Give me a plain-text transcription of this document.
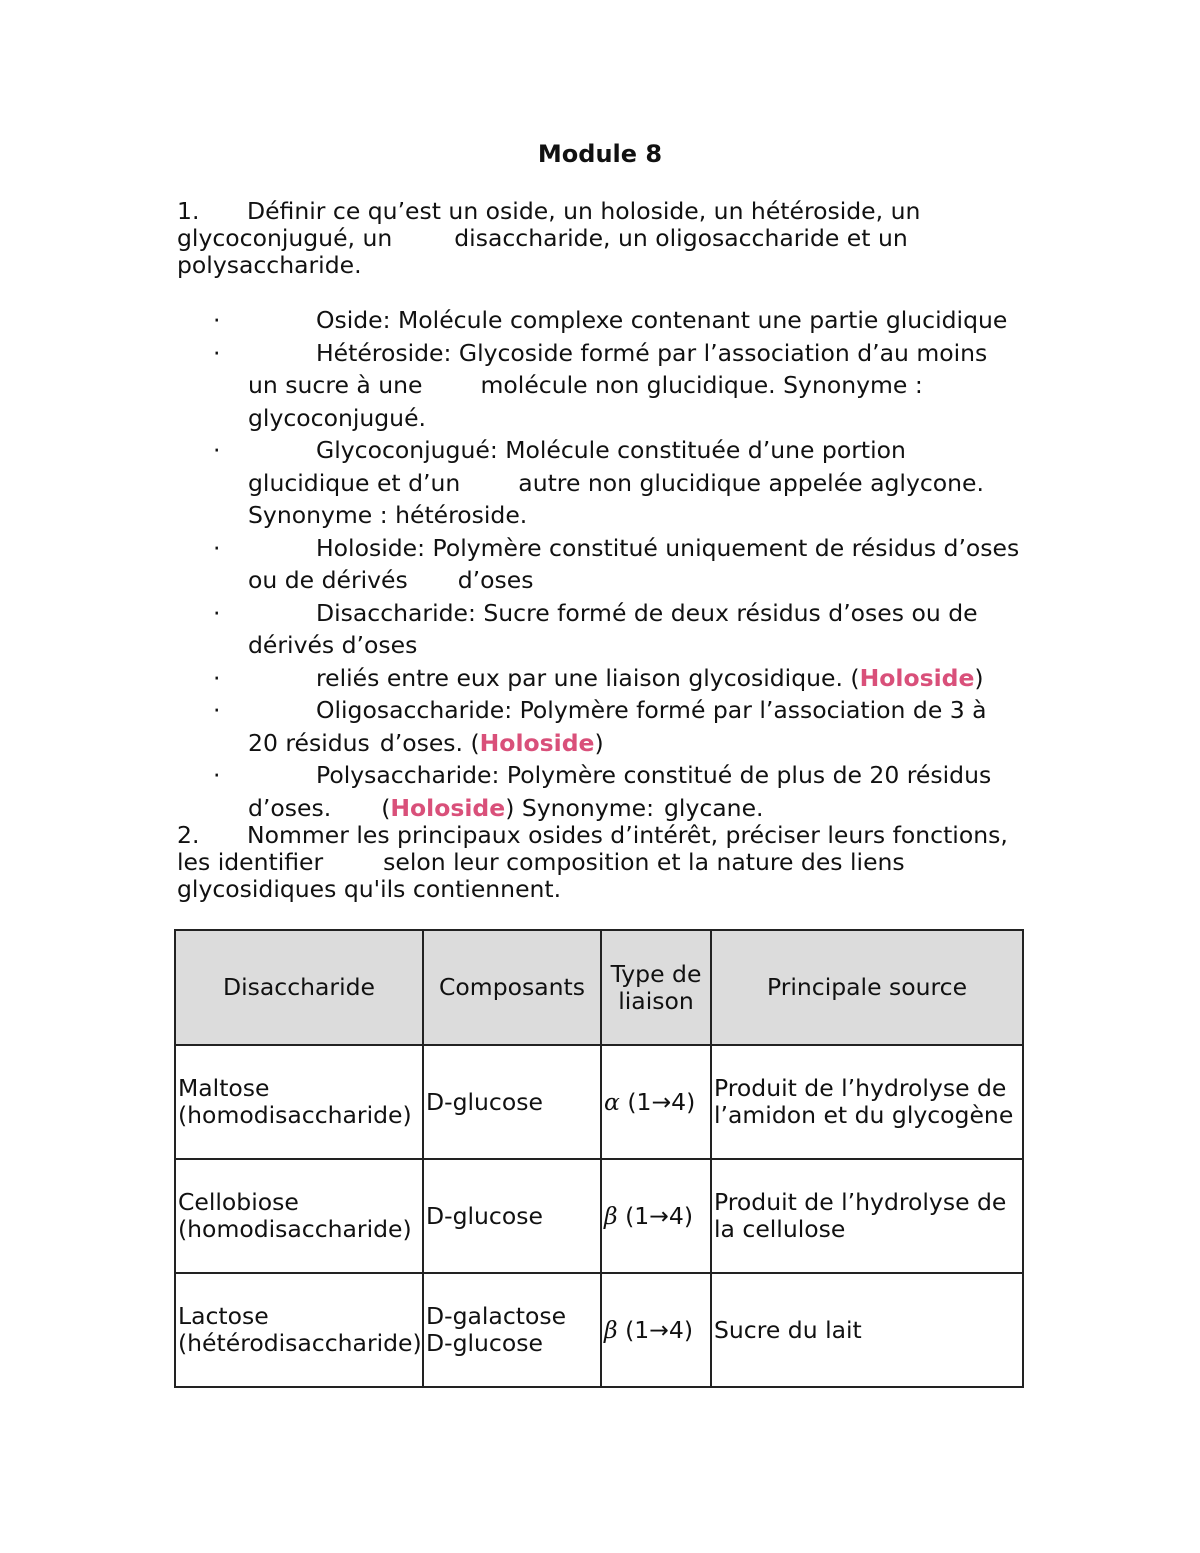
Module 8
1. Définir ce qu’est un oside, un holoside, un hétéroside, un
glycoconjugué, un	disaccharide, un oligosaccharide et un
polysaccharide.
·	Oside: Molécule complexe contenant une partie glucidique
·	Hétéroside: Glycoside formé par l’association d’au moins
un sucre à une molécule non glucidique. Synonyme :
glycoconjugué.
·	Glycoconjugué: Molécule constituée d’une portion
glucidique et d’un autre non glucidique appelée aglycone.
Synonyme : hétéroside.
·	Holoside: Polymère constitué uniquement de résidus d’oses
ou de dérivés d’oses
·	Disaccharide: Sucre formé de deux résidus d’oses ou de
dérivés d’oses
·	reliés entre eux par une liaison glycosidique. (Holoside)
·	Oligosaccharide: Polymère formé par l’association de 3 à
20 résidus d’oses. (Holoside)
·	Polysaccharide: Polymère constitué de plus de 20 résidus
d’oses. (Holoside) Synonyme: glycane.
2. Nommer les principaux osides d’intérêt, préciser leurs fonctions,
les identifier	selon leur composition et la nature des liens
glycosidiques qu'ils contiennent.
Disaccharide	Composants	Type de liaison	Principale source
Maltose
(homodisaccharide)	D-glucose	α (1→4)	Produit de l’hydrolyse de l’amidon et du glycogène
Cellobiose
(homodisaccharide)	D-glucose	β (1→4)	Produit de l’hydrolyse de la cellulose
Lactose
(hétérodisaccharide)	D-galactose D-glucose	β (1→4)	Sucre du lait
